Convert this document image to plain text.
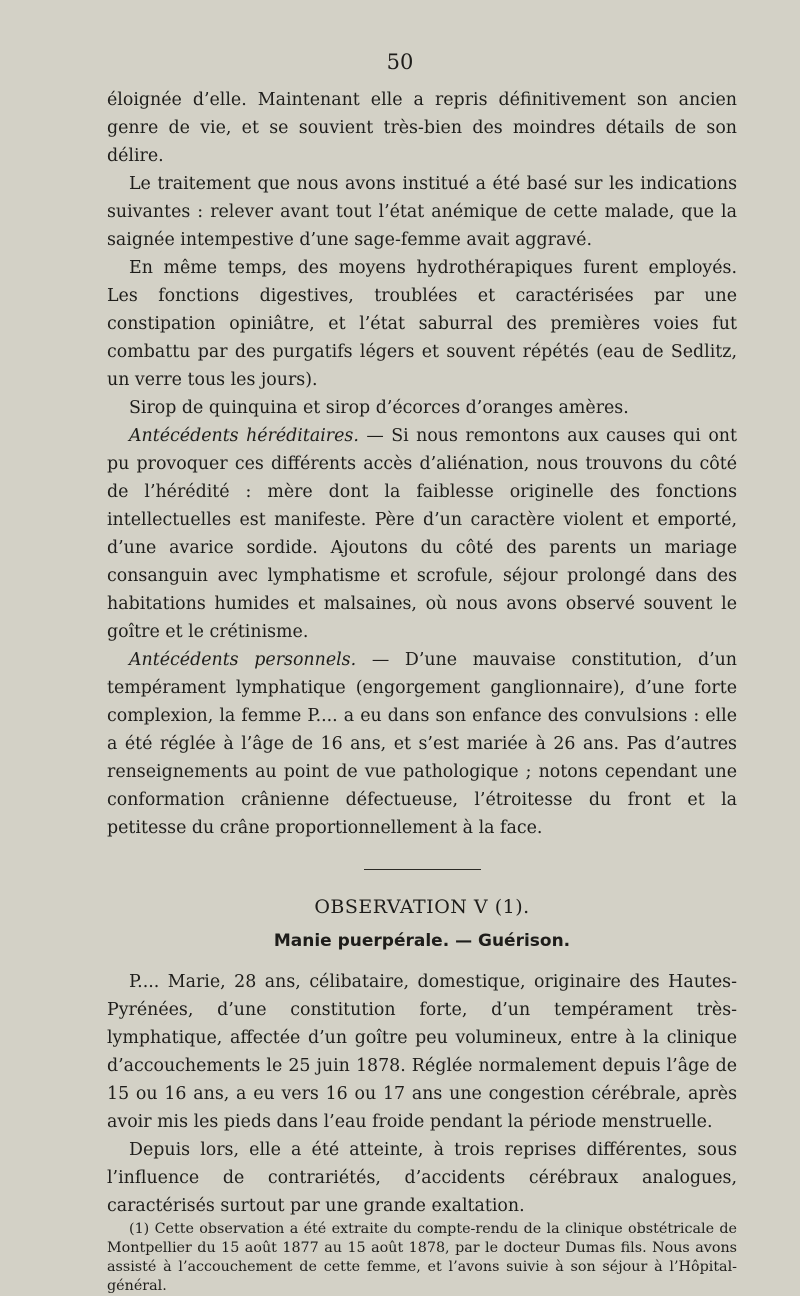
50

éloignée d’elle. Maintenant elle a repris définitivement son ancien genre de vie, et se souvient très-bien des moindres détails de son délire.

Le traitement que nous avons institué a été basé sur les indications suivantes : relever avant tout l’état anémique de cette malade, que la saignée intempestive d’une sage-femme avait aggravé.

En même temps, des moyens hydrothérapiques furent employés. Les fonctions digestives, troublées et caractérisées par une constipation opiniâtre, et l’état saburral des premières voies fut combattu par des purgatifs légers et souvent répétés (eau de Sedlitz, un verre tous les jours).

Sirop de quinquina et sirop d’écorces d’oranges amères.

Antécédents héréditaires. — Si nous remontons aux causes qui ont pu provoquer ces différents accès d’aliénation, nous trouvons du côté de l’hérédité : mère dont la faiblesse originelle des fonctions intellectuelles est manifeste. Père d’un caractère violent et emporté, d’une avarice sordide. Ajoutons du côté des parents un mariage consanguin avec lymphatisme et scrofule, séjour prolongé dans des habitations humides et malsaines, où nous avons observé souvent le goître et le crétinisme.

Antécédents personnels. — D’une mauvaise constitution, d’un tempérament lymphatique (engorgement ganglionnaire), d’une forte complexion, la femme P.... a eu dans son enfance des convulsions : elle a été réglée à l’âge de 16 ans, et s’est mariée à 26 ans. Pas d’autres renseignements au point de vue pathologique ; notons cependant une conformation crânienne défectueuse, l’étroitesse du front et la petitesse du crâne proportionnellement à la face.

OBSERVATION V (1).
Manie puerpérale. — Guérison.

P.... Marie, 28 ans, célibataire, domestique, originaire des Hautes-Pyrénées, d’une constitution forte, d’un tempérament très-lymphatique, affectée d’un goître peu volumineux, entre à la clinique d’accouchements le 25 juin 1878. Réglée normalement depuis l’âge de 15 ou 16 ans, a eu vers 16 ou 17 ans une congestion cérébrale, après avoir mis les pieds dans l’eau froide pendant la période menstruelle.

Depuis lors, elle a été atteinte, à trois reprises différentes, sous l’influence de contrariétés, d’accidents cérébraux analogues, caractérisés surtout par une grande exaltation.

(1) Cette observation a été extraite du compte-rendu de la clinique obstétricale de Montpellier du 15 août 1877 au 15 août 1878, par le docteur Dumas fils. Nous avons assisté à l’accouchement de cette femme, et l’avons suivie à son séjour à l’Hôpital-général.
